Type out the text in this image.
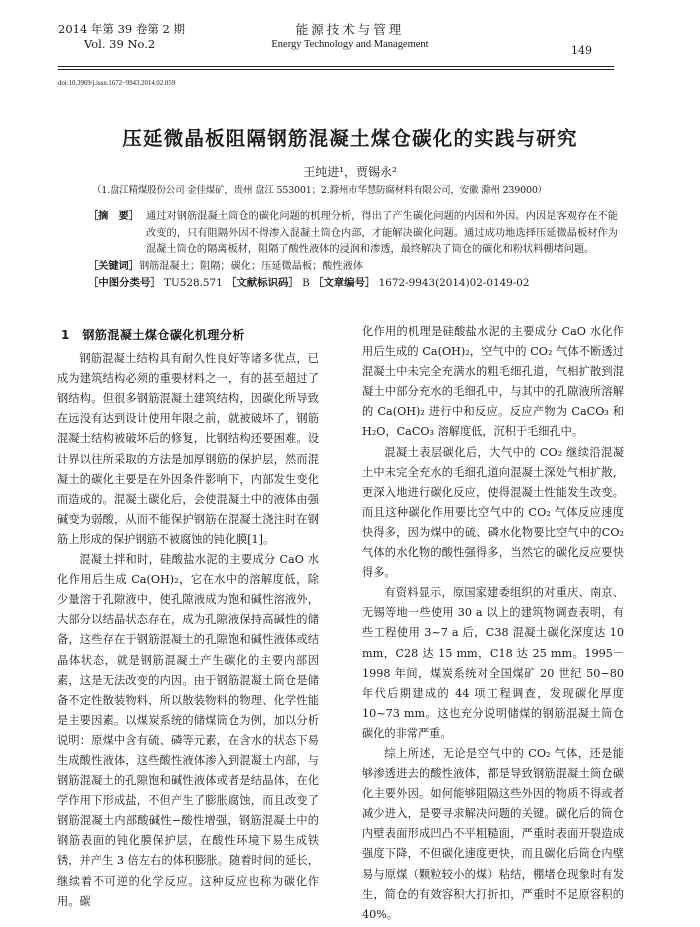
2014 年第 39 卷第 2 期
Vol. 39 No.2
能源技术与管理
Energy Technology and Management	149
doi:10.3969/j.issn.1672−9943.2014.02.059
压延微晶板阻隔钢筋混凝土煤仓碳化的实践与研究
王纯进¹，贾锡永²
（1.盘江精煤股份公司 金佳煤矿，贵州 盘江 553001；2.滁州市华慧防腐材料有限公司，安徽 滁州 239000）
［摘　要］ 通过对钢筋混凝土筒仓的碳化问题的机理分析，得出了产生碳化问题的内因和外因。内因是客观存在不能改变的，只有阻隔外因不得渗入混凝土筒仓内部，才能解决碳化问题。通过成功地选择压延微晶板材作为混凝土筒仓的隔离板材，阻隔了酸性液体的浸润和渗透，最终解决了筒仓的碳化和粉状料棚堵问题。
［关键词］ 钢筋混凝土；阻隔；碳化；压延微晶板；酸性液体
［中图分类号］ TU528.571 ［文献标识码］ B ［文章编号］ 1672-9943(2014)02-0149-02

1　钢筋混凝土煤仓碳化机理分析

钢筋混凝土结构具有耐久性良好等诸多优点，已成为建筑结构必须的重要材料之一，有的甚至超过了钢结构。但很多钢筋混凝土建筑结构，因碳化所导致在远没有达到设计使用年限之前，就被破坏了，钢筋混凝土结构被破坏后的修复，比钢结构还要困难。设计界以往所采取的方法是加厚钢筋的保护层，然而混凝土的碳化主要是在外因条件影响下，内部发生变化而造成的。混凝土碳化后，会使混凝土中的液体由强碱变为弱酸，从而不能保护钢筋在混凝土浇注时在钢筋上形成的保护钢筋不被腐蚀的钝化膜[1]。

混凝土拌和时，硅酸盐水泥的主要成分 CaO 水化作用后生成 Ca(OH)₂，它在水中的溶解度低，除少量溶于孔隙液中，使孔隙液成为饱和碱性溶液外，大部分以结晶状态存在，成为孔隙液保持高碱性的储备，这些存在于钢筋混凝土的孔隙饱和碱性液体或结晶体状态，就是钢筋混凝土产生碳化的主要内部因素，这是无法改变的内因。由于钢筋混凝土筒仓是储备不定性散装物料，所以散装物料的物理、化学性能是主要因素。以煤炭系统的储煤筒仓为例，加以分析说明：原煤中含有硫、磷等元素，在含水的状态下易生成酸性液体，这些酸性液体渗入到混凝土内部，与钢筋混凝土的孔隙饱和碱性液体或者是结晶体，在化学作用下形成盐，不但产生了膨胀腐蚀，而且改变了钢筋混凝土内部酸碱性−酸性增强，钢筋混凝土中的钢筋表面的钝化膜保护层，在酸性环境下易生成铁锈，并产生 3 倍左右的体积膨胀。随着时间的延长，继续着不可逆的化学反应。这种反应也称为碳化作用。碳

化作用的机理是硅酸盐水泥的主要成分 CaO 水化作用后生成的 Ca(OH)₂，空气中的 CO₂ 气体不断透过混凝土中未完全充满水的粗毛细孔道，气相扩散到混凝土中部分充水的毛细孔中，与其中的孔隙液所溶解的 Ca(OH)₂ 进行中和反应。反应产物为 CaCO₃ 和 H₂O，CaCO₃ 溶解度低，沉积于毛细孔中。

混凝土表层碳化后，大气中的 CO₂ 继续沿混凝土中未完全充水的毛细孔道向混凝土深处气相扩散，更深入地进行碳化反应，使得混凝土性能发生改变。而且这种碳化作用要比空气中的 CO₂ 气体反应速度快得多，因为煤中的硫、磷水化物要比空气中的CO₂ 气体的水化物的酸性强得多，当然它的碳化反应要快得多。

有资料显示，原国家建委组织的对重庆、南京、无锡等地一些使用 30 a 以上的建筑物调查表明，有些工程使用 3~7 a 后，C38 混凝土碳化深度达 10 mm，C28 达 15 mm，C18 达 25 mm。1995－1998 年间，煤炭系统对全国煤矿 20 世纪 50−80 年代后期建成的 44 项工程调查，发现碳化厚度 10~73 mm。这也充分说明储煤的钢筋混凝土筒仓碳化的非常严重。

综上所述，无论是空气中的 CO₂ 气体，还是能够渗透进去的酸性液体，都是导致钢筋混凝土筒仓碳化主要外因。如何能够阻隔这些外因的物质不得或者减少进入，是要寻求解决问题的关键。碳化后的筒仓内壁表面形成凹凸不平粗糙面，严重时表面开裂造成强度下降，不但碳化速度更快，而且碳化后筒仓内壁易与原煤（颗粒较小的煤）粘结，棚堵仓现象时有发生，简仓的有效容积大打折扣，严重时不足原容积的 40%。
